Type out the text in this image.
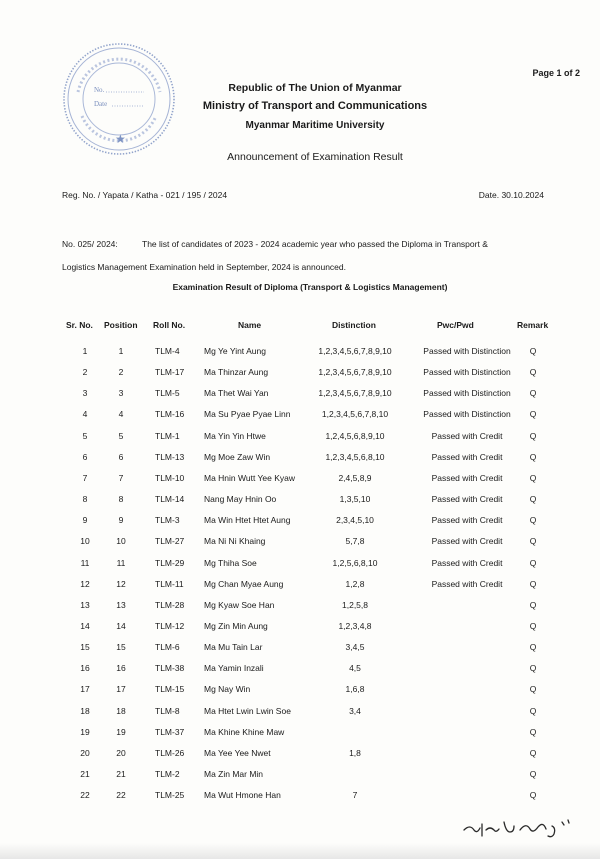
No.
Date
★
Page 1 of 2
Republic of The Union of Myanmar
Ministry of Transport and Communications
Myanmar Maritime University
Announcement of Examination Result
Reg. No. / Yapata / Katha - 021 / 195 / 2024	Date. 30.10.2024
No. 025/ 2024:	The list of candidates of 2023 - 2024 academic year who passed the Diploma in Transport &
Logistics Management Examination held in September, 2024 is announced.
Examination Result of Diploma (Transport & Logistics Management)
Sr. No. Position Roll No.	Name	Distinction	Pwc/Pwd	Remark
1	1	TLM-4	Mg Ye Yint Aung	1,2,3,4,5,6,7,8,9,10	Passed with Distinction	Q
2	2	TLM-17 Ma Thinzar Aung	1,2,3,4,5,6,7,8,9,10	Passed with Distinction	Q
3	3	TLM-5	Ma Thet Wai Yan	1,2,3,4,5,6,7,8,9,10	Passed with Distinction	Q
4	4	TLM-16 Ma Su Pyae Pyae Linn	1,2,3,4,5,6,7,8,10	Passed with Distinction	Q
5	5	TLM-1	Ma Yin Yin Htwe	1,2,4,5,6,8,9,10	Passed with Credit	Q
6	6	TLM-13 Mg Moe Zaw Win	1,2,3,4,5,6,8,10	Passed with Credit	Q
7	7	TLM-10 Ma Hnin Wutt Yee Kyaw	2,4,5,8,9	Passed with Credit	Q
8	8	TLM-14 Nang May Hnin Oo	1,3,5,10	Passed with Credit	Q
9	9	TLM-3	Ma Win Htet Htet Aung	2,3,4,5,10	Passed with Credit	Q
10	10	TLM-27 Ma Ni Ni Khaing	5,7,8	Passed with Credit	Q
11	11	TLM-29 Mg Thiha Soe	1,2,5,6,8,10	Passed with Credit	Q
12	12	TLM-11 Mg Chan Myae Aung	1,2,8	Passed with Credit	Q
13	13	TLM-28 Mg Kyaw Soe Han	1,2,5,8	Q
14	14	TLM-12 Mg Zin Min Aung	1,2,3,4,8	Q
15	15	TLM-6	Ma Mu Tain Lar	3,4,5	Q
16	16	TLM-38 Ma Yamin Inzali	4,5	Q
17	17	TLM-15 Mg Nay Win	1,6,8	Q
18	18	TLM-8	Ma Htet Lwin Lwin Soe	3,4	Q
19	19	TLM-37 Ma Khine Khine Maw	Q
20	20	TLM-26 Ma Yee Yee Nwet	1,8	Q
21	21	TLM-2	Ma Zin Mar Min	Q
22	22	TLM-25 Ma Wut Hmone Han	7	Q
